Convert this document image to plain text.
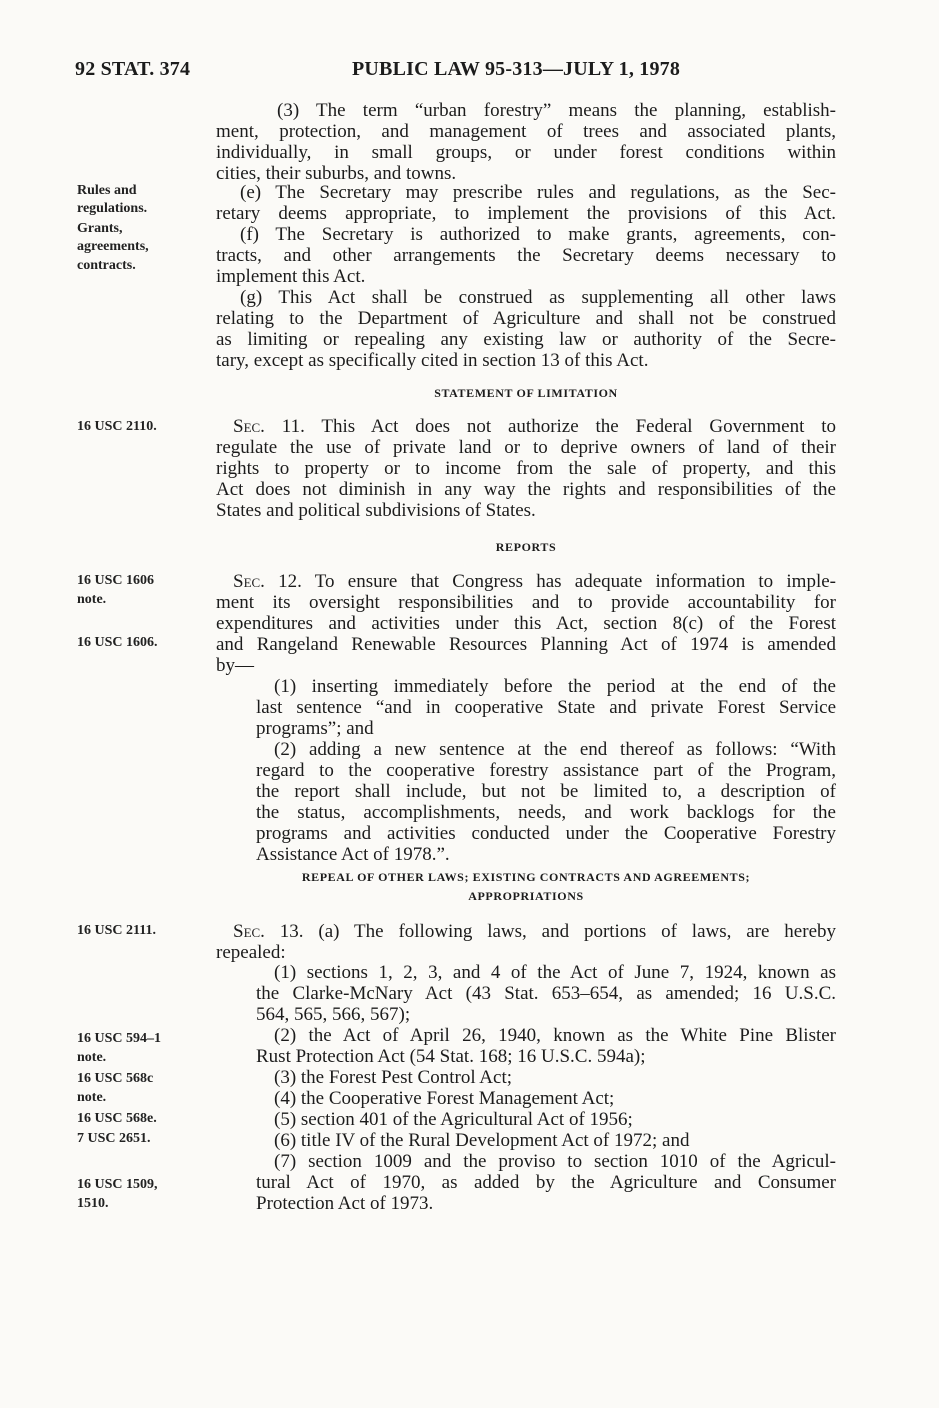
92 STAT. 374	PUBLIC LAW 95-313—JULY 1, 1978
STATEMENT OF LIMITATION
REPORTS
REPEAL OF OTHER LAWS; EXISTING CONTRACTS AND AGREEMENTS;
APPROPRIATIONS
(3) The term “urban forestry” means the planning, establish-
ment, protection, and management of trees and associated plants,
individually, in small groups, or under forest conditions within
cities, their suburbs, and towns.
(e) The Secretary may prescribe rules and regulations, as the Sec-
retary deems appropriate, to implement the provisions of this Act.
(f) The Secretary is authorized to make grants, agreements, con-
tracts, and other arrangements the Secretary deems necessary to
implement this Act.
(g) This Act shall be construed as supplementing all other laws
relating to the Department of Agriculture and shall not be construed
as limiting or repealing any existing law or authority of the Secre-
tary, except as specifically cited in section 13 of this Act.
Sec. 11. This Act does not authorize the Federal Government to
regulate the use of private land or to deprive owners of land of their
rights to property or to income from the sale of property, and this
Act does not diminish in any way the rights and responsibilities of the
States and political subdivisions of States.
Sec. 12. To ensure that Congress has adequate information to imple-
ment its oversight responsibilities and to provide accountability for
expenditures and activities under this Act, section 8(c) of the Forest
and Rangeland Renewable Resources Planning Act of 1974 is amended
by—
(1) inserting immediately before the period at the end of the
last sentence “and in cooperative State and private Forest Service
programs”; and
(2) adding a new sentence at the end thereof as follows: “With
regard to the cooperative forestry assistance part of the Program,
the report shall include, but not be limited to, a description of
the status, accomplishments, needs, and work backlogs for the
programs and activities conducted under the Cooperative Forestry
Assistance Act of 1978.”.
Sec. 13. (a) The following laws, and portions of laws, are hereby
repealed:
(1) sections 1, 2, 3, and 4 of the Act of June 7, 1924, known as
the Clarke-McNary Act (43 Stat. 653–654, as amended; 16 U.S.C.
564, 565, 566, 567);
(2) the Act of April 26, 1940, known as the White Pine Blister
Rust Protection Act (54 Stat. 168; 16 U.S.C. 594a);
(3) the Forest Pest Control Act;
(4) the Cooperative Forest Management Act;
(5) section 401 of the Agricultural Act of 1956;
(6) title IV of the Rural Development Act of 1972; and
(7) section 1009 and the proviso to section 1010 of the Agricul-
tural Act of 1970, as added by the Agriculture and Consumer
Protection Act of 1973.
Rules and
regulations.
Grants,
agreements,
contracts.
16 USC 2110.
16 USC 1606
note.
16 USC 1606.
16 USC 2111.
16 USC 594–1
note.
16 USC 568c
note.
16 USC 568e.
7 USC 2651.
16 USC 1509,
1510.
